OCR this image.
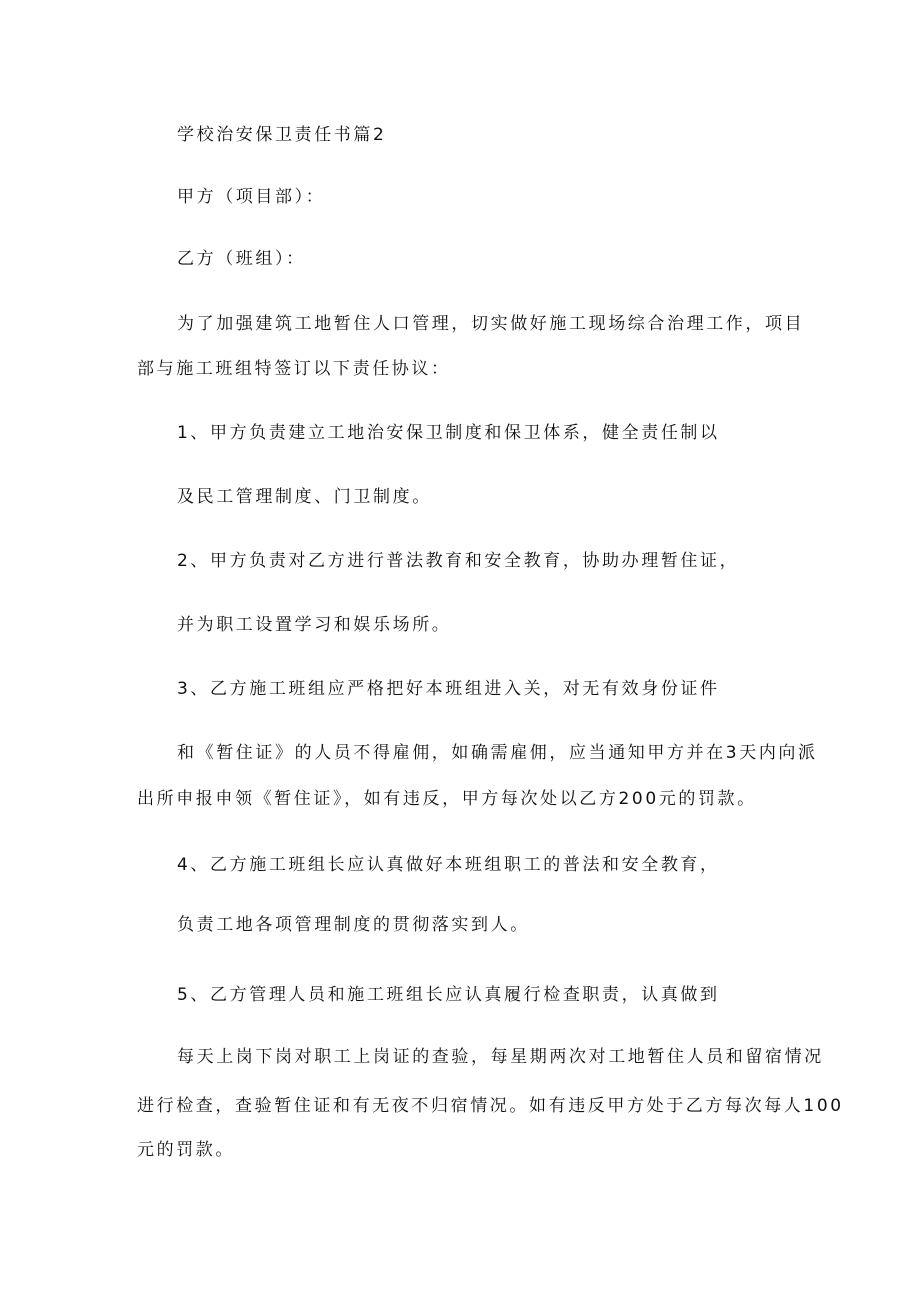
学校治安保卫责任书篇2
甲方（项目部）：
乙方（班组）：
为了加强建筑工地暂住人口管理，切实做好施工现场综合治理工作，项目
部与施工班组特签订以下责任协议：
1、甲方负责建立工地治安保卫制度和保卫体系，健全责任制以
及民工管理制度、门卫制度。
2、甲方负责对乙方进行普法教育和安全教育，协助办理暂住证，
并为职工设置学习和娱乐场所。
3、乙方施工班组应严格把好本班组进入关，对无有效身份证件
和《暂住证》的人员不得雇佣，如确需雇佣，应当通知甲方并在3天内向派
出所申报申领《暂住证》，如有违反，甲方每次处以乙方200元的罚款。
4、乙方施工班组长应认真做好本班组职工的普法和安全教育，
负责工地各项管理制度的贯彻落实到人。
5、乙方管理人员和施工班组长应认真履行检查职责，认真做到
每天上岗下岗对职工上岗证的查验，每星期两次对工地暂住人员和留宿情况
进行检查，查验暂住证和有无夜不归宿情况。如有违反甲方处于乙方每次每人100
元的罚款。
